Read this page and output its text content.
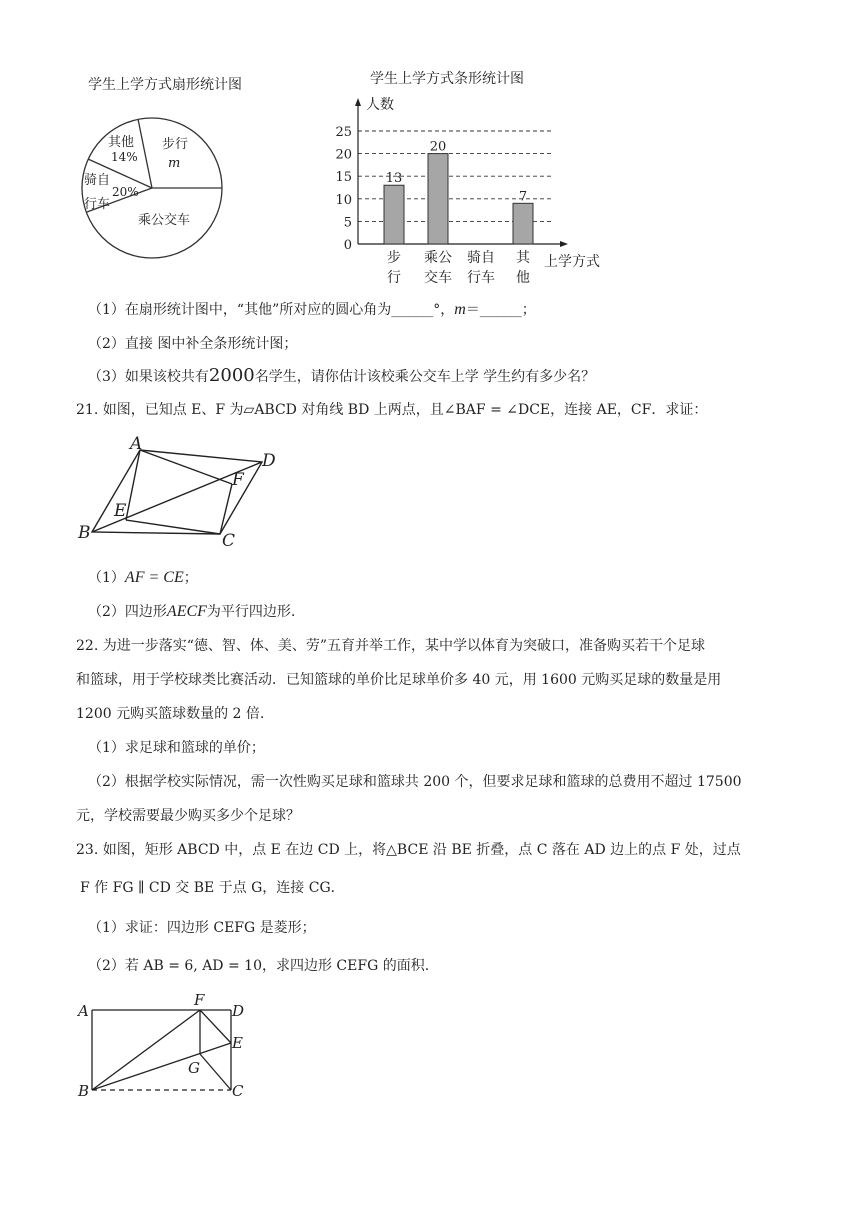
学生上学方式扇形统计图
步行
m
其他
14%
骑自
20%
行车
乘公交车
学生上学方式条形统计图
人数
上学方式
0
5
10
15
20
25
13
步
行
20
乘公
交车
骑自
行车
7
其
他
（1）在扇形统计图中，“其他”所对应的圆心角为______°，m＝______；
（2）直接 图中补全条形统计图；
（3）如果该校共有2000名学生，请你估计该校乘公交车上学 学生约有多少名？
21. 如图，已知点 E、F 为▱ABCD 对角线 BD 上两点，且∠BAF = ∠DCE，连接 AE，CF．求证：
A
D
B	C
E
F
（1）AF = CE；
（2）四边形AECF为平行四边形.
22. 为进一步落实“德、智、体、美、劳”五育并举工作，某中学以体育为突破口，准备购买若干个足球
和篮球，用于学校球类比赛活动．已知篮球的单价比足球单价多 40 元，用 1600 元购买足球的数量是用
1200 元购买篮球数量的 2 倍.
（1）求足球和篮球的单价；
（2）根据学校实际情况，需一次性购买足球和篮球共 200 个，但要求足球和篮球的总费用不超过 17500
元，学校需要最少购买多少个足球？
23. 如图，矩形 ABCD 中，点 E 在边 CD 上，将△BCE 沿 BE 折叠，点 C 落在 AD 边上的点 F 处，过点
F 作 FG ∥ CD 交 BE 于点 G，连接 CG．
（1）求证：四边形 CEFG 是菱形；
（2）若 AB = 6, AD = 10，求四边形 CEFG 的面积.
A
F
D
E
G
B	C
